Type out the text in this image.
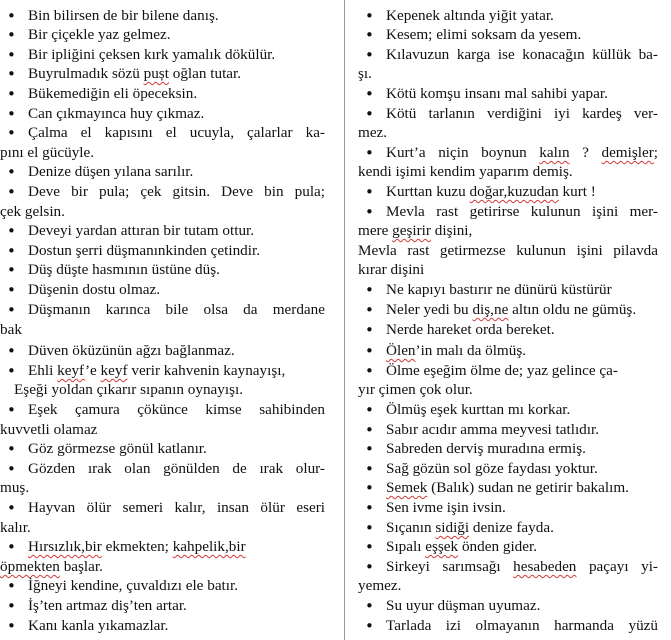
• Bin bilirsen de bir bilene danış.
• Bir çiçekle yaz gelmez.
• Bir ipliğini çeksen kırk yamalık dökülür.
• Buyrulmadık sözü pușt oğlan tutar.
• Bükemediğin eli öpeceksin.
• Can çıkmayınca huy çıkmaz.
• Çalma el kapısını el ucuyla, çalarlar ka-
pını el gücüyle.
• Denize düşen yılana sarılır.
• Deve bir pula; çek gitsin. Deve bin pula;
çek gelsin.
• Deveyi yardan attıran bir tutam ottur.
• Dostun şerri düşmanınkinden çetindir.
• Düş düşte hasmının üstüne düş.
• Düşenin dostu olmaz.
• Düşmanın karınca bile olsa da merdane
bak
• Düven öküzünün ağzı bağlanmaz.
• Ehli keyf’e keyf verir kahvenin kaynayışı,
Eşeği yoldan çıkarır sıpanın oynayışı.
• Eşek çamura çökünce kimse sahibinden
kuvvetli olamaz
• Göz görmezse gönül katlanır.
• Gözden ırak olan gönülden de ırak olur-
muş.
• Hayvan ölür semeri kalır, insan ölür eseri
kalır.
• Hırsızlık,bir ekmekten; kahpelik,bir
öpmekten başlar.
• İğneyi kendine, çuvaldızı ele batır.
• İş’ten artmaz diş’ten artar.
• Kanı kanla yıkamazlar.
• Kepenek altında yiğit yatar.
• Kesem; elimi soksam da yesem.
• Kılavuzun karga ise konacağın küllük ba-
şı.
• Kötü komşu insanı mal sahibi yapar.
• Kötü tarlanın verdiğini iyi kardeş ver-
mez.
• Kurt’a niçin boynun kalın ? demişler;
kendi işimi kendim yaparım demiş.
• Kurttan kuzu doğar,kuzudan kurt !
• Mevla rast getirirse kulunun işini mer-
mere geşirir dişini,
Mevla rast getirmezse kulunun işini pilavda
kırar dişini
• Ne kapıyı bastırır ne dünürü küstürür
• Neler yedi bu diş,ne altın oldu ne gümüş.
• Nerde hareket orda bereket.
• Ölen’in malı da ölmüş.
• Ölme eşeğim ölme de; yaz gelince ça-
yır çimen çok olur.
• Ölmüş eşek kurttan mı korkar.
• Sabır acıdır amma meyvesi tatlıdır.
• Sabreden derviş muradına ermiş.
• Sağ gözün sol göze faydası yoktur.
• Semek (Balık) sudan ne getirir bakalım.
• Sen ivme işin ivsin.
• Sıçanın sidiği denize fayda.
• Sıpalı eşşek önden gider.
• Sirkeyi sarımsağı hesabeden paçayı yi-
yemez.
• Su uyur düşman uyumaz.
• Tarlada izi olmayanın harmanda yüzü
